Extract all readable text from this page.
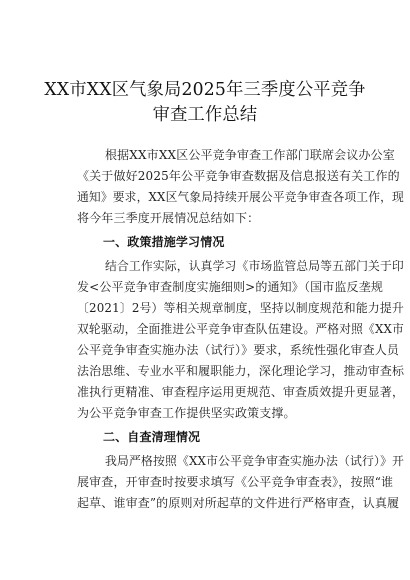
XX市XX区气象局2025年三季度公平竞争
审查工作总结
根据XX市XX区公平竞争审查工作部门联席会议办公室
《关于做好2025年公平竞争审查数据及信息报送有关工作的
通知》要求，XX区气象局持续开展公平竞争审查各项工作，现
将今年三季度开展情况总结如下：
一、政策措施学习情况
结合工作实际，认真学习《市场监管总局等五部门关于印
发<公平竞争审查制度实施细则>的通知》（国市监反垄规
〔2021〕2号）等相关规章制度，坚持以制度规范和能力提升
双轮驱动，全面推进公平竞争审查队伍建设。严格对照《XX市
公平竞争审查实施办法（试行）》要求，系统性强化审查人员
法治思维、专业水平和履职能力，深化理论学习，推动审查标
准执行更精准、审查程序运用更规范、审查质效提升更显著，
为公平竞争审查工作提供坚实政策支撑。
二、自查清理情况
我局严格按照《XX市公平竞争审查实施办法（试行）》开
展审查，开审查时按要求填写《公平竞争审查表》，按照“谁
起草、谁审查”的原则对所起草的文件进行严格审查，认真履
